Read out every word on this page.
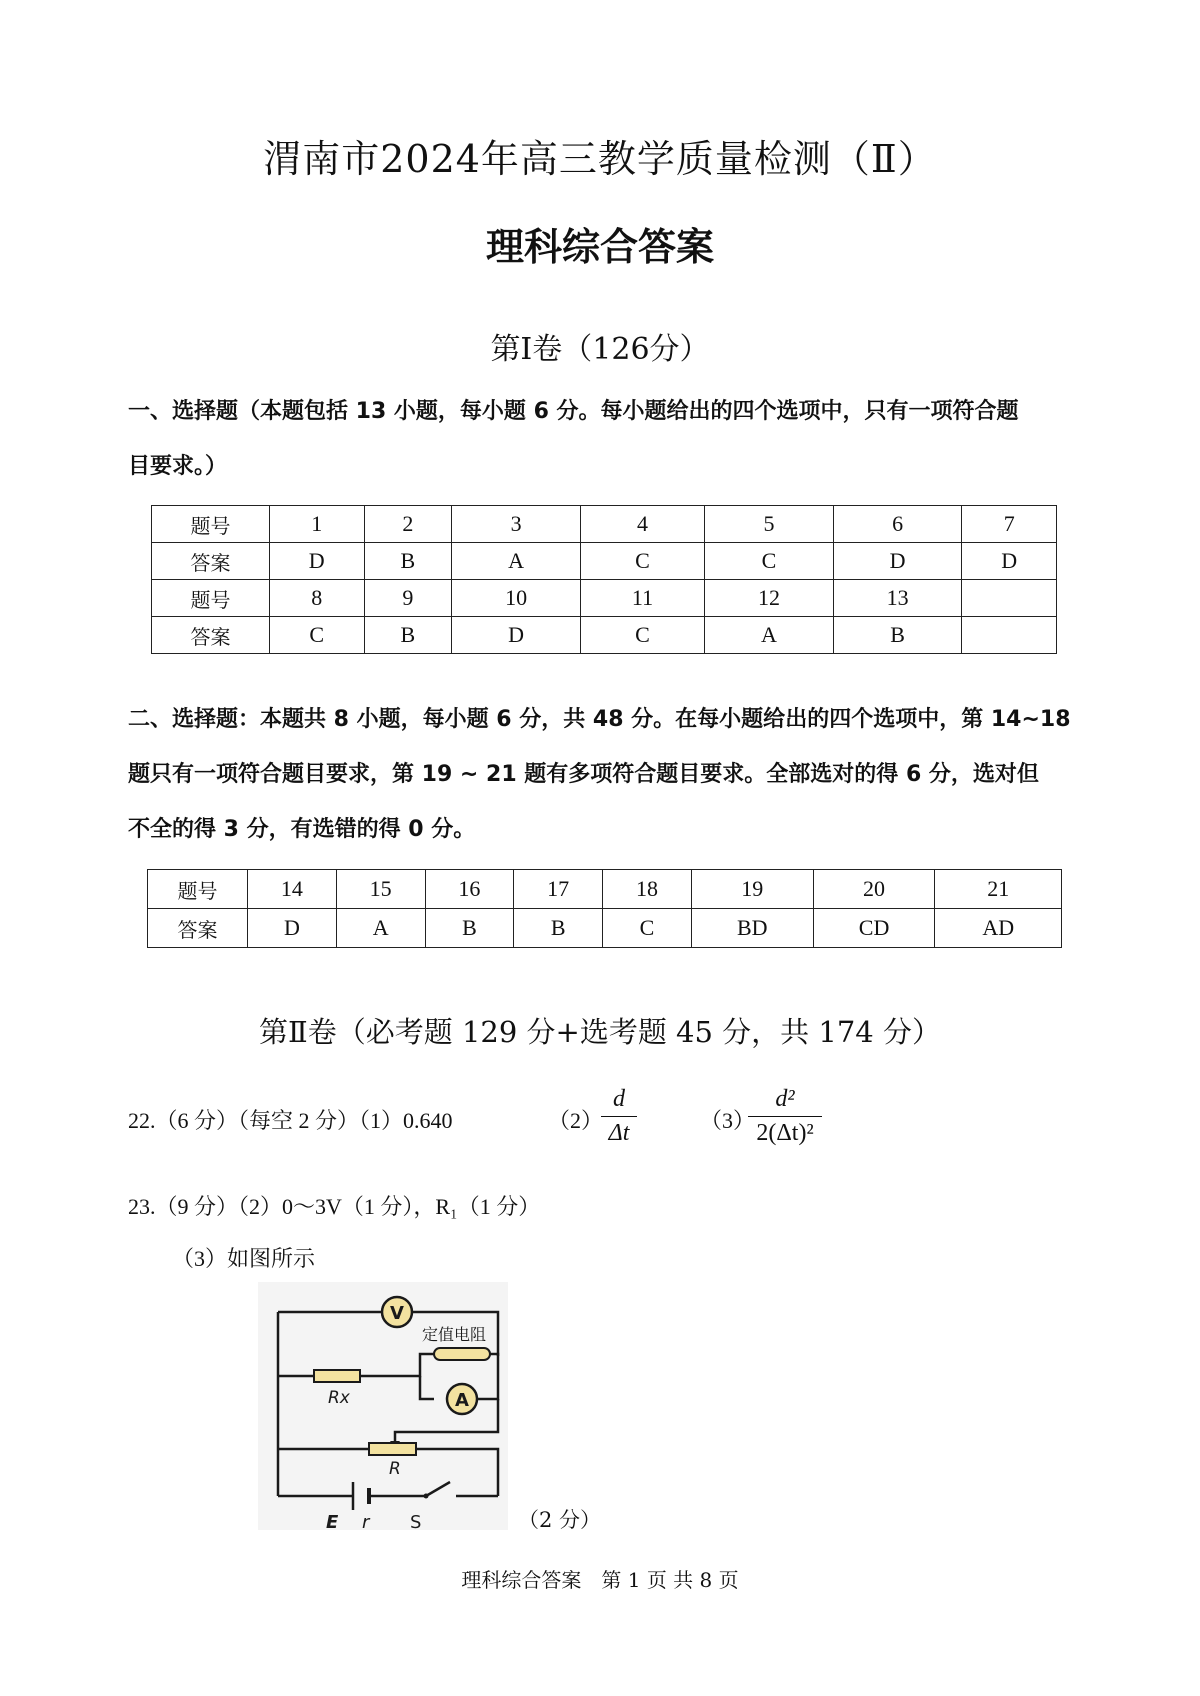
渭南市2024年高三教学质量检测（Ⅱ）
理科综合答案
第Ⅰ卷（126分）
一、选择题（本题包括 13 小题，每小题 6 分。每小题给出的四个选项中，只有一项符合题
目要求。）
题号	1	2	3	4	5	6	7
答案	D	B	A	C	C	D	D
题号	8	9	10	11	12	13	
答案	C	B	D	C	A	B	
二、选择题：本题共 8 小题，每小题 6 分，共 48 分。在每小题给出的四个选项中，第 14~18
题只有一项符合题目要求，第 19 ~ 21 题有多项符合题目要求。全部选对的得 6 分，选对但
不全的得 3 分，有选错的得 0 分。
题号	14	15	16	17	18	19	20	21
答案	D	A	B	B	C	BD	CD	AD
第Ⅱ卷（必考题 129 分+选考题 45 分，共 174 分）
22.（6 分）（每空 2 分）（1）0.640	（2）
d
Δt	（3）
d²
2(Δt)²
23.（9 分）（2）0～3V（1 分），R₁（1 分）
（3）如图所示
V
定值电阻
A
Rx
R
E r S	（2 分）
理科综合答案　第 1 页 共 8 页
